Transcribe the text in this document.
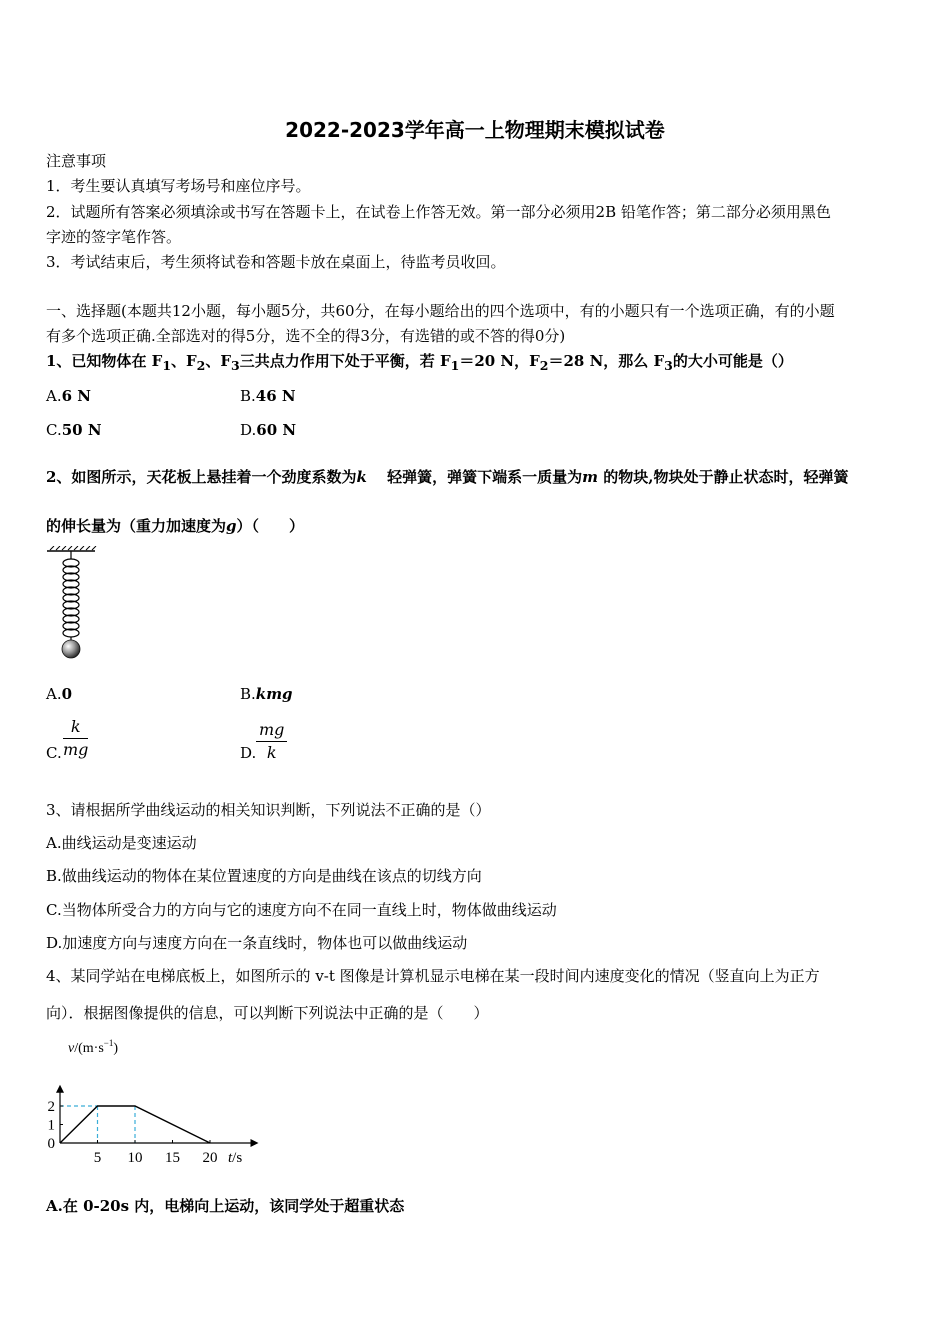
2022-2023学年高一上物理期末模拟试卷
注意事项
1．考生要认真填写考场号和座位序号。
2．试题所有答案必须填涂或书写在答题卡上，在试卷上作答无效。第一部分必须用2B 铅笔作答；第二部分必须用黑色
字迹的签字笔作答。
3．考试结束后，考生须将试卷和答题卡放在桌面上，待监考员收回。
一、选择题(本题共12小题，每小题5分，共60分，在每小题给出的四个选项中，有的小题只有一个选项正确，有的小题
有多个选项正确.全部选对的得5分，选不全的得3分，有选错的或不答的得0分)
1、已知物体在 $F_1$、$F_2$、$F_3$三共点力作用下处于平衡，若 $F_1=20$ N，$F_2=28$ N，那么 $F_3$的大小可能是（）
A.6 N	B.46 N
C.50 N	D.60 N
2、如图所示，天花板上悬挂着一个劲度系数为k　 轻弹簧，弹簧下端系一质量为m 的物块,物块处于静止状态时，轻弹簧
的伸长量为（重力加速度为g）（　　）
A.0	B.kmg
C. $\frac{k}{mg}$	D. $\frac{mg}{k}$
3、请根据所学曲线运动的相关知识判断，下列说法不正确的是（）
A.曲线运动是变速运动
B.做曲线运动的物体在某位置速度的方向是曲线在该点的切线方向
C.当物体所受合力的方向与它的速度方向不在同一直线上时，物体做曲线运动
D.加速度方向与速度方向在一条直线时，物体也可以做曲线运动
4、某同学站在电梯底板上，如图所示的 v-t 图像是计算机显示电梯在某一段时间内速度变化的情况（竖直向上为正方
向）．根据图像提供的信息，可以判断下列说法中正确的是（　　）
5 10 15 20
0
1
2
$v/(m\cdot s^{-1})$
t/s
A.在 0-20s 内，电梯向上运动，该同学处于超重状态
